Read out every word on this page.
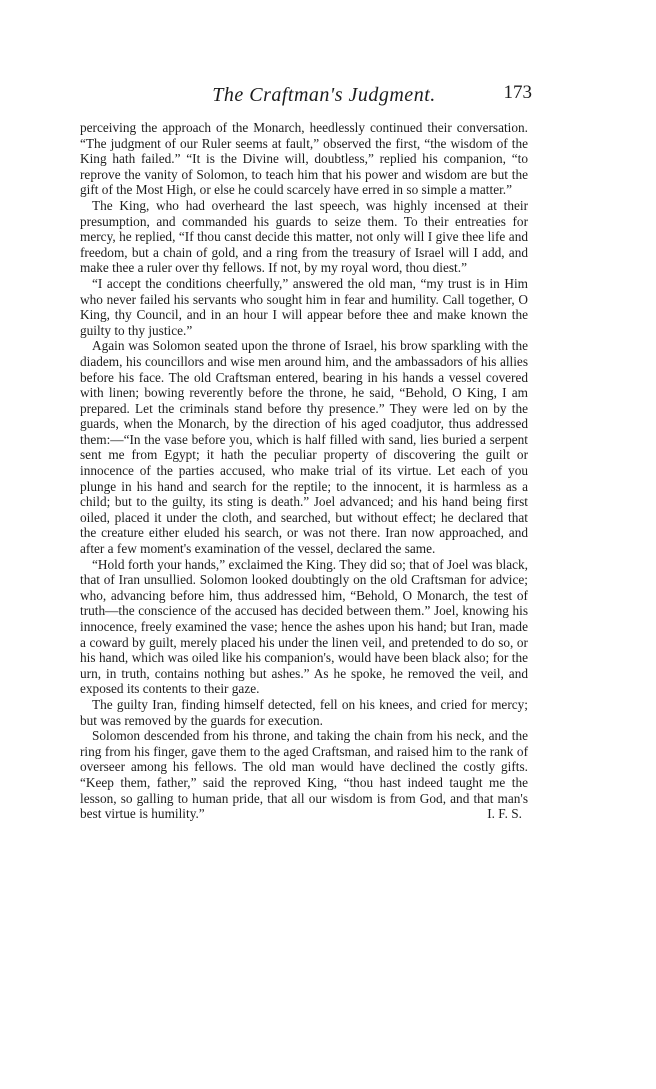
The Craftman's Judgment.	173

perceiving the approach of the Monarch, heedlessly continued their conversation. “The judgment of our Ruler seems at fault,” observed the first, “the wisdom of the King hath failed.” “It is the Divine will, doubtless,” replied his companion, “to reprove the vanity of Solomon, to teach him that his power and wisdom are but the gift of the Most High, or else he could scarcely have erred in so simple a matter.”

The King, who had overheard the last speech, was highly incensed at their presumption, and commanded his guards to seize them. To their entreaties for mercy, he replied, “If thou canst decide this matter, not only will I give thee life and freedom, but a chain of gold, and a ring from the treasury of Israel will I add, and make thee a ruler over thy fellows. If not, by my royal word, thou diest.”

“I accept the conditions cheerfully,” answered the old man, “my trust is in Him who never failed his servants who sought him in fear and humility. Call together, O King, thy Council, and in an hour I will appear before thee and make known the guilty to thy justice.”

Again was Solomon seated upon the throne of Israel, his brow sparkling with the diadem, his councillors and wise men around him, and the ambassadors of his allies before his face. The old Craftsman entered, bearing in his hands a vessel covered with linen; bowing reverently before the throne, he said, “Behold, O King, I am prepared. Let the criminals stand before thy presence.” They were led on by the guards, when the Monarch, by the direction of his aged coadjutor, thus addressed them:—“In the vase before you, which is half filled with sand, lies buried a serpent sent me from Egypt; it hath the peculiar property of discovering the guilt or innocence of the parties accused, who make trial of its virtue. Let each of you plunge in his hand and search for the reptile; to the innocent, it is harmless as a child; but to the guilty, its sting is death.” Joel advanced; and his hand being first oiled, placed it under the cloth, and searched, but without effect; he declared that the creature either eluded his search, or was not there. Iran now approached, and after a few moment's examination of the vessel, declared the same.

“Hold forth your hands,” exclaimed the King. They did so; that of Joel was black, that of Iran unsullied. Solomon looked doubtingly on the old Craftsman for advice; who, advancing before him, thus addressed him, “Behold, O Monarch, the test of truth—the conscience of the accused has decided between them.” Joel, knowing his innocence, freely examined the vase; hence the ashes upon his hand; but Iran, made a coward by guilt, merely placed his under the linen veil, and pretended to do so, or his hand, which was oiled like his companion's, would have been black also; for the urn, in truth, contains nothing but ashes.” As he spoke, he removed the veil, and exposed its contents to their gaze.

The guilty Iran, finding himself detected, fell on his knees, and cried for mercy; but was removed by the guards for execution.

Solomon descended from his throne, and taking the chain from his neck, and the ring from his finger, gave them to the aged Craftsman, and raised him to the rank of overseer among his fellows. The old man would have declined the costly gifts. “Keep them, father,” said the reproved King, “thou hast indeed taught me the lesson, so galling to human pride, that all our wisdom is from God, and that man's best virtue is humility.”	I. F. S.
